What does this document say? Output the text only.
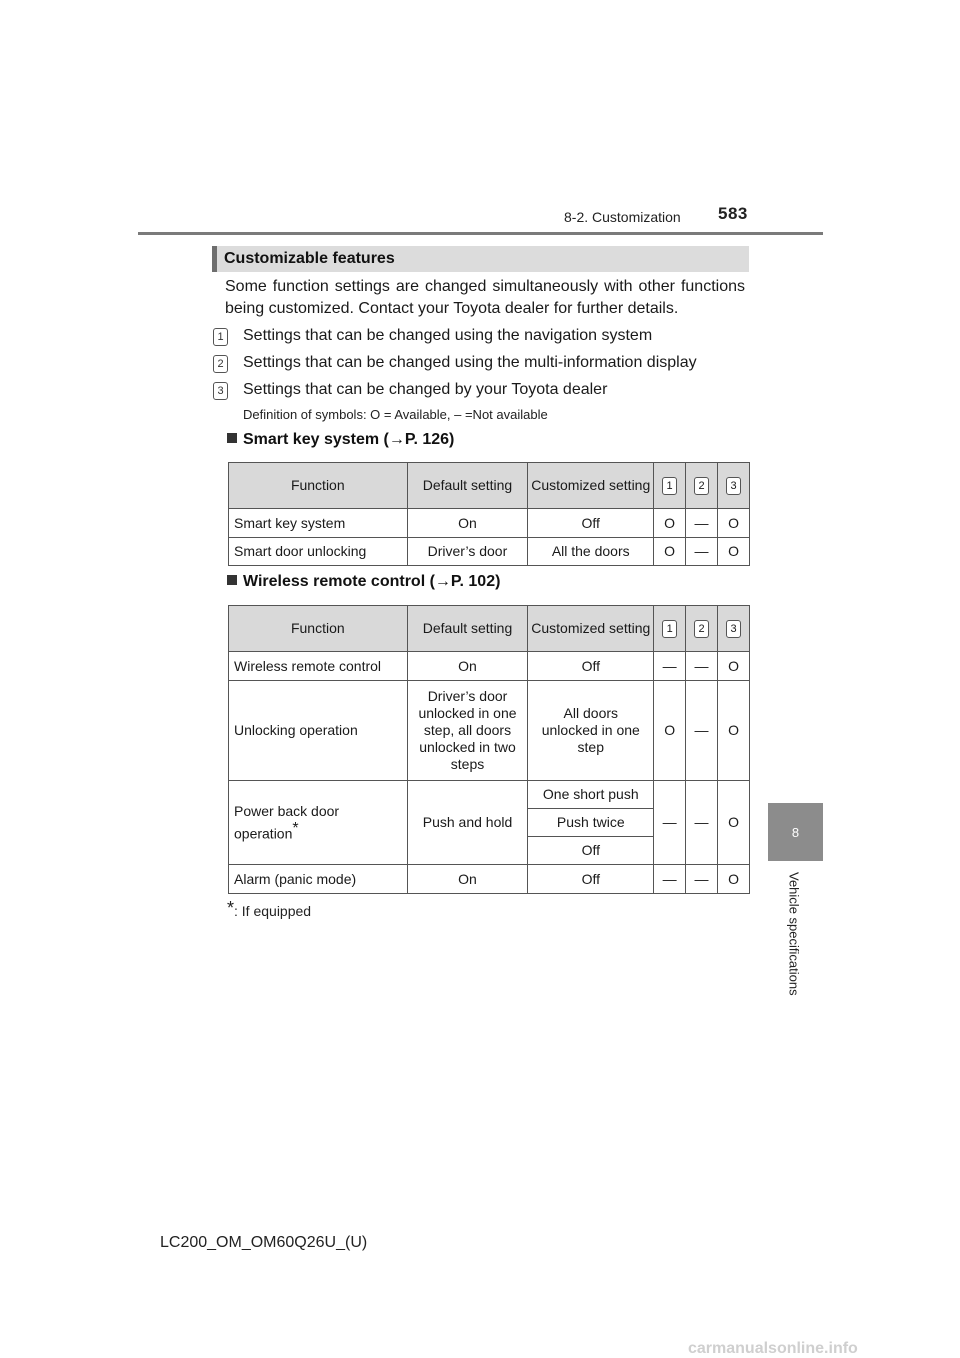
8-2. Customization 583
8
Vehicle specifications
Customizable features
Some function settings are changed simultaneously with other functions being customized. Contact your Toyota dealer for further details.
1 Settings that can be changed using the navigation system
2 Settings that can be changed using the multi-information display
3 Settings that can be changed by your Toyota dealer
Definition of symbols: O = Available, – =Not available
Smart key system (→P. 126)
Function	Default setting	Customized setting	1	2	3
Smart key system	On	Off	O	—	O
Smart door unlocking	Driver’s door	All the doors	O	—	O
Wireless remote control (→P. 102)
Function	Default setting	Customized setting	1	2	3
Wireless remote control	On	Off	—	—	O
Unlocking operation	Driver’s door unlocked in one step, all doors unlocked in two steps	All doors unlocked in one step	O	—	O
Power back door operation*	Push and hold	One short push	—	—	O
		Push twice			
		Off			
Alarm (panic mode)	On	Off	—	—	O
*: If equipped
LC200_OM_OM60Q26U_(U)
carmanualsonline.info
